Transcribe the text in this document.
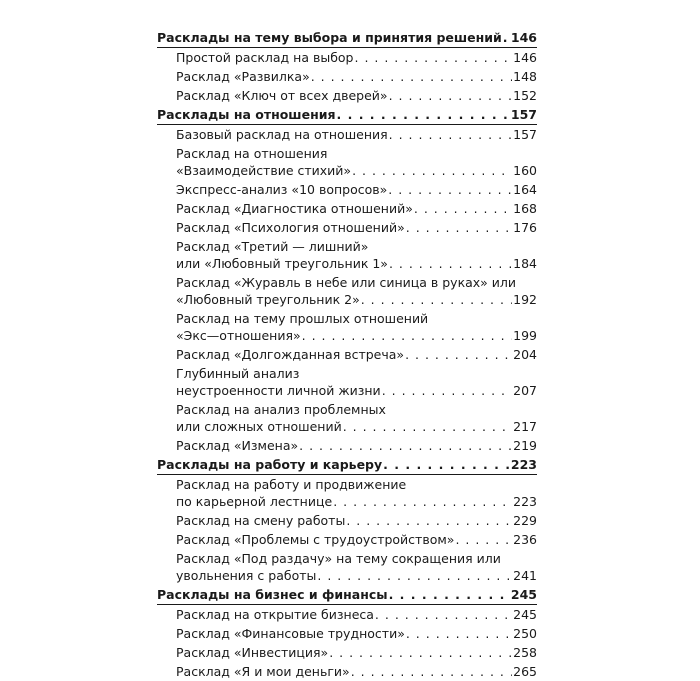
Расклады на тему выбора и принятия решений . . . 146
Простой расклад на выбор . . .	146
Расклад «Развилка» . . .	148
Расклад «Ключ от всех дверей» . . .	152
Расклады на отношения . . .	157
Базовый расклад на отношения . . .	157
Расклад на отношения
«Взаимодействие стихий» . . .	160
Экспресс-анализ «10 вопросов» . . .	164
Расклад «Диагностика отношений» . . .	168
Расклад «Психология отношений» . . .	176
Расклад «Третий — лишний»
или «Любовный треугольник 1» . . .	184
Расклад «Журавль в небе или синица в руках» или
«Любовный треугольник 2» . . .	192
Расклад на тему прошлых отношений
«Экс—отношения» . . .	199
Расклад «Долгожданная встреча» . . .	204
Глубинный анализ
неустроенности личной жизни . . .	207
Расклад на анализ проблемных
или сложных отношений . . .	217
Расклад «Измена» . . .	219
Расклады на работу и карьеру . . .	223
Расклад на работу и продвижение
по карьерной лестнице . . .	223
Расклад на смену работы . . .	229
Расклад «Проблемы с трудоустройством» . . .	236
Расклад «Под раздачу» на тему сокращения или
увольнения с работы . . .	241
Расклады на бизнес и финансы . . .	245
Расклад на открытие бизнеса . . .	245
Расклад «Финансовые трудности» . . .	250
Расклад «Инвестиция» . . .	258
Расклад «Я и мои деньги» . . .	265
